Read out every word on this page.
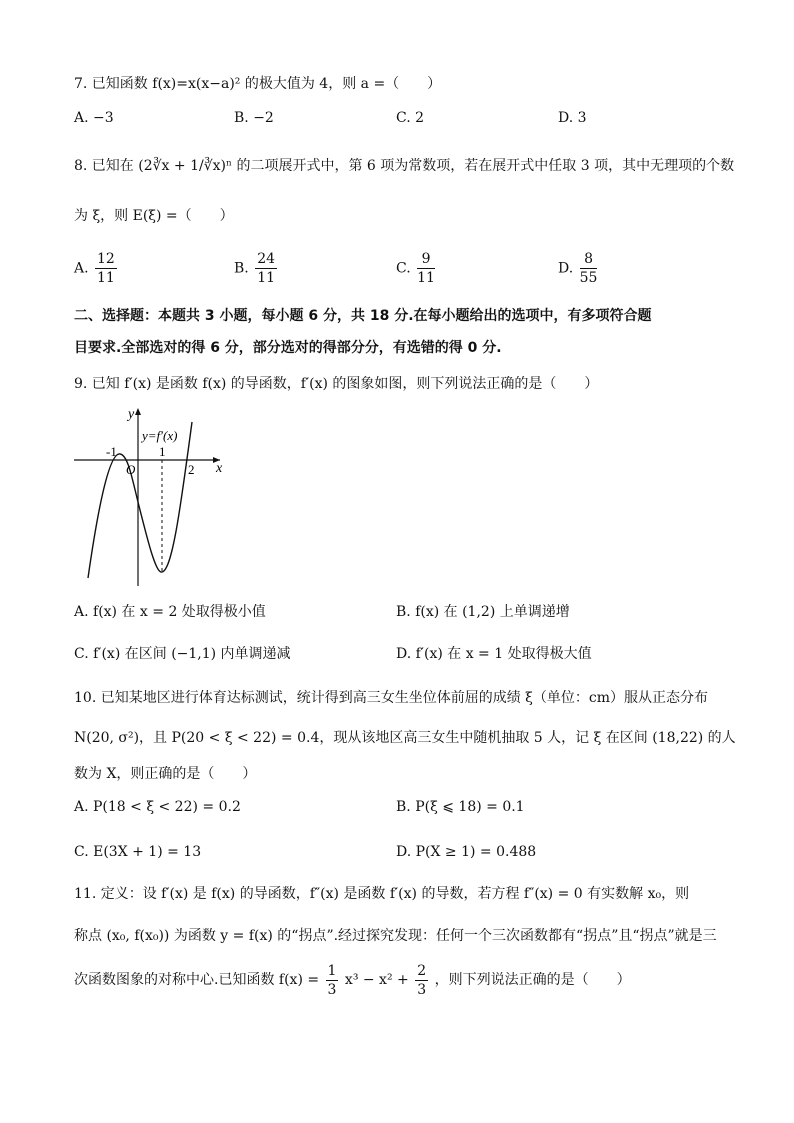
7. 已知函数 f(x)=x(x−a)² 的极大值为 4，则 a =（　　）
A. −3	B. −2	C. 2	D. 3
8. 已知在 (2∛x + 1/∛x)ⁿ 的二项展开式中，第 6 项为常数项，若在展开式中任取 3 项，其中无理项的个数
为 ξ，则 E(ξ) =（　　）
A. $\frac{12}{11}$	B. $\frac{24}{11}$	C. $\frac{9}{11}$	D. $\frac{8}{55}$
二、选择题：本题共 3 小题，每小题 6 分，共 18 分.在每小题给出的选项中，有多项符合题
目要求.全部选对的得 6 分，部分选对的得部分分，有选错的得 0 分.
9. 已知 f′(x) 是函数 f(x) 的导函数，f′(x) 的图象如图，则下列说法正确的是（　　）
y
y=f′(x)
x
O
-1	1
2
A. f(x) 在 x = 2 处取得极小值	B. f(x) 在 (1,2) 上单调递增
C. f′(x) 在区间 (−1,1) 内单调递减	D. f′(x) 在 x = 1 处取得极大值
10. 已知某地区进行体育达标测试，统计得到高三女生坐位体前屈的成绩 ξ（单位：cm）服从正态分布
N(20, σ²)，且 P(20 < ξ < 22) = 0.4，现从该地区高三女生中随机抽取 5 人，记 ξ 在区间 (18,22) 的人
数为 X，则正确的是（　　）
A. P(18 < ξ < 22) = 0.2	B. P(ξ ⩽ 18) = 0.1
C. E(3X + 1) = 13	D. P(X ≥ 1) = 0.488
11. 定义：设 f′(x) 是 f(x) 的导函数，f″(x) 是函数 f′(x) 的导数，若方程 f″(x) = 0 有实数解 x₀，则
称点 (x₀, f(x₀)) 为函数 y = f(x) 的“拐点”.经过探究发现：任何一个三次函数都有“拐点”且“拐点”就是三
次函数图象的对称中心.已知函数 $f(x) = \frac{1}{3} x^3 - x^2 + \frac{2}{3}$ ，则下列说法正确的是（　　）
